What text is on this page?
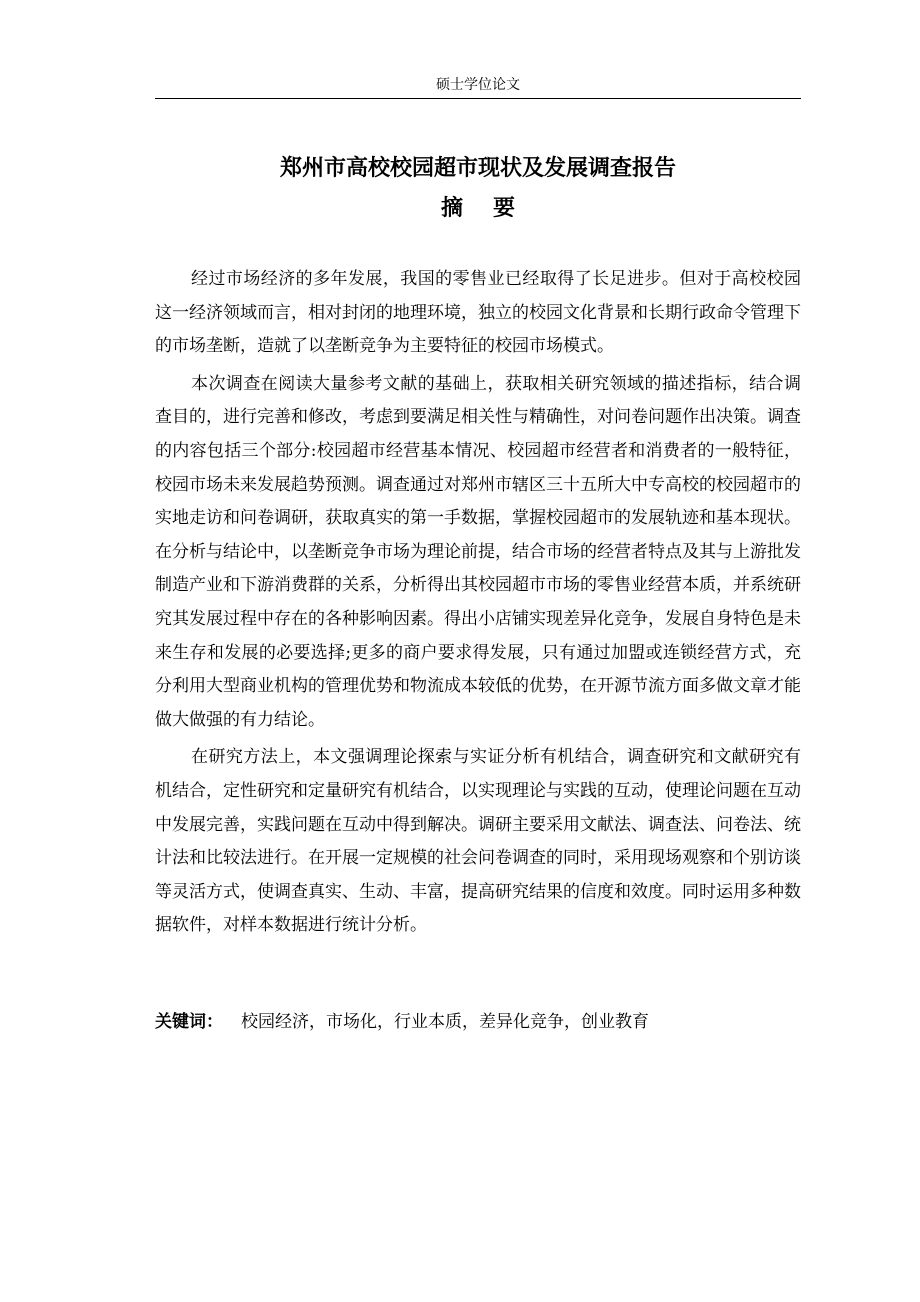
硕士学位论文
郑州市高校校园超市现状及发展调查报告
摘 要

经过市场经济的多年发展，我国的零售业已经取得了长足进步。但对于高校校园这一经济领域而言，相对封闭的地理环境，独立的校园文化背景和长期行政命令管理下的市场垄断，造就了以垄断竞争为主要特征的校园市场模式。

本次调查在阅读大量参考文献的基础上，获取相关研究领域的描述指标，结合调查目的，进行完善和修改，考虑到要满足相关性与精确性，对问卷问题作出决策。调查的内容包括三个部分:校园超市经营基本情况、校园超市经营者和消费者的一般特征，校园市场未来发展趋势预测。调查通过对郑州市辖区三十五所大中专高校的校园超市的实地走访和问卷调研，获取真实的第一手数据，掌握校园超市的发展轨迹和基本现状。在分析与结论中，以垄断竞争市场为理论前提，结合市场的经营者特点及其与上游批发制造产业和下游消费群的关系，分析得出其校园超市市场的零售业经营本质，并系统研究其发展过程中存在的各种影响因素。得出小店铺实现差异化竞争，发展自身特色是未来生存和发展的必要选择;更多的商户要求得发展，只有通过加盟或连锁经营方式，充分利用大型商业机构的管理优势和物流成本较低的优势，在开源节流方面多做文章才能做大做强的有力结论。

在研究方法上，本文强调理论探索与实证分析有机结合，调查研究和文献研究有机结合，定性研究和定量研究有机结合，以实现理论与实践的互动，使理论问题在互动中发展完善，实践问题在互动中得到解决。调研主要采用文献法、调查法、问卷法、统计法和比较法进行。在开展一定规模的社会问卷调查的同时，采用现场观察和个别访谈等灵活方式，使调查真实、生动、丰富，提高研究结果的信度和效度。同时运用多种数据软件，对样本数据进行统计分析。

关键词： 校园经济，市场化，行业本质，差异化竞争，创业教育
